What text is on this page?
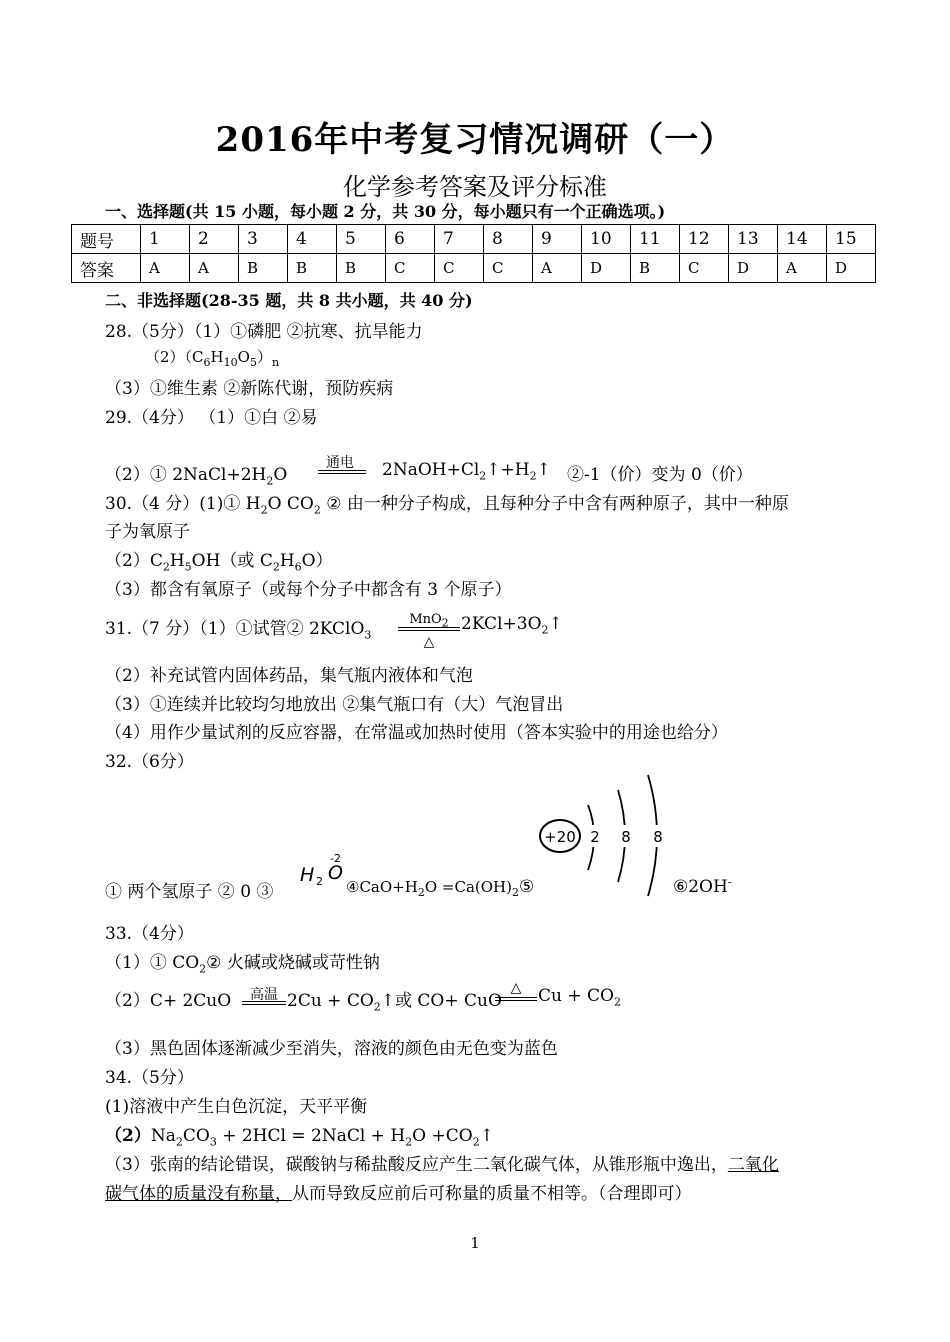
2016年中考复习情况调研（一）
化学参考答案及评分标准
一、选择题(共 15 小题，每小题 2 分，共 30 分，每小题只有一个正确选项。)
题号	1	2	3	4	5	6	7	8	9	10	11	12	13	14	15
答案	A	A	B	B	B	C	C	C	A	D	B	C	D	A	D
二、非选择题(28-35 题，共 8 共小题，共 40 分)
28.（5分）（1）①磷肥 ②抗寒、抗旱能力
$(2)(C_6H_{10}O_5)_n$
（3）①维生素 ②新陈代谢，预防疾病
29.（4分） （1）①白 ②易
通电
（2）① $2NaCl+2H_2O$	$2NaOH+Cl_2↑+H_2↑$ ②-1（价）变为 0（价）
30.（4 分）(1)① $H_2O$ $CO_2$ ② 由一种分子构成，且每种分子中含有两种原子，其中一种原
子为氧原子
$(2)C_2H_5OH$（或 $C_2H_6O$）
（3）都含有氧原子（或每个分子中都含有 3 个原子）
31.（7 分）（1）①试管② 2KClO$_3$
MnO$_2$
△
$2KCl+3O_2↑$
（2）补充试管内固体药品，集气瓶内液体和气泡
（3）①连续并比较均匀地放出 ②集气瓶口有（大）气泡冒出
（4）用作少量试剂的反应容器，在常温或加热时使用（答本实验中的用途也给分）
32.（6分）
+20 2 8 8
① 两个氢原子 ② 0 ③
-2
H 2 O
$④CaO+H_2O$ $=Ca(OH)_2⑤$	⑥2OH-
33.（4分）
（1）① $CO_2②$ 火碱或烧碱或苛性钠
（2）C+ 2CuO	高温 $2Cu + CO_2↑$或 CO+ CuO
△ $Cu + CO_2$
（3）黑色固体逐渐减少至消失，溶液的颜色由无色变为蓝色
34.（5分）
(1)溶液中产生白色沉淀，天平平衡
$(2)Na_2CO_3 + 2HCl$ = 2NaCl + $H_2O$ $+CO_2↑$
（3）张南的结论错误，碳酸钠与稀盐酸反应产生二氧化碳气体，从锥形瓶中逸出，二氧化
碳气体的质量没有称量，从而导致反应前后可称量的质量不相等。（合理即可）
1
